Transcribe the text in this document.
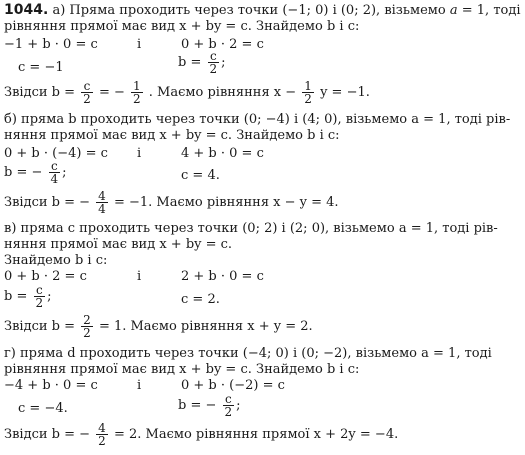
1044. а) Пряма проходить через точки (−1; 0) і (0; 2), візьмемо a = 1, тоді
рівняння прямої має вид x + by = c. Знайдемо b і c:
−1 + b · 0 = c	і	0 + b · 2 = c
c = −1	$b = \frac{c}{2}$ ;
Звідси $b = \frac{c}{2}$ = − $\frac{1}{2}$ . Маємо рівняння $x - \frac{1}{2}$ y = −1.
б) пряма b проходить через точки (0; −4) і (4; 0), візьмемо a = 1, тоді рів-
няння прямої має вид x + by = c. Знайдемо b і c:
0 + b · (−4) = c і	4 + b · 0 = c
b = − $\frac{c}{4}$ ;	c = 4.
Звідси b = − $\frac{4}{4} = -1$. Маємо рівняння x − y = 4.
в) пряма c проходить через точки (0; 2) і (2; 0), візьмемо a = 1, тоді рів-
няння прямої має вид x + by = c.
Знайдемо b і c:
0 + b · 2 = c	і	2 + b · 0 = c
$b = \frac{c}{2}$ ;	c = 2.
Звідси $b = \frac{2}{2} = 1$. Маємо рівняння x + y = 2.
г) пряма d проходить через точки (−4; 0) і (0; −2), візьмемо a = 1, тоді
рівняння прямої має вид x + by = c. Знайдемо b і c:
−4 + b · 0 = c	і	0 + b · (−2) = c
c = −4.	b = − $\frac{c}{2}$ ;
Звідси b = − $\frac{4}{2} = 2$. Маємо рівняння прямої x + 2y = −4.
